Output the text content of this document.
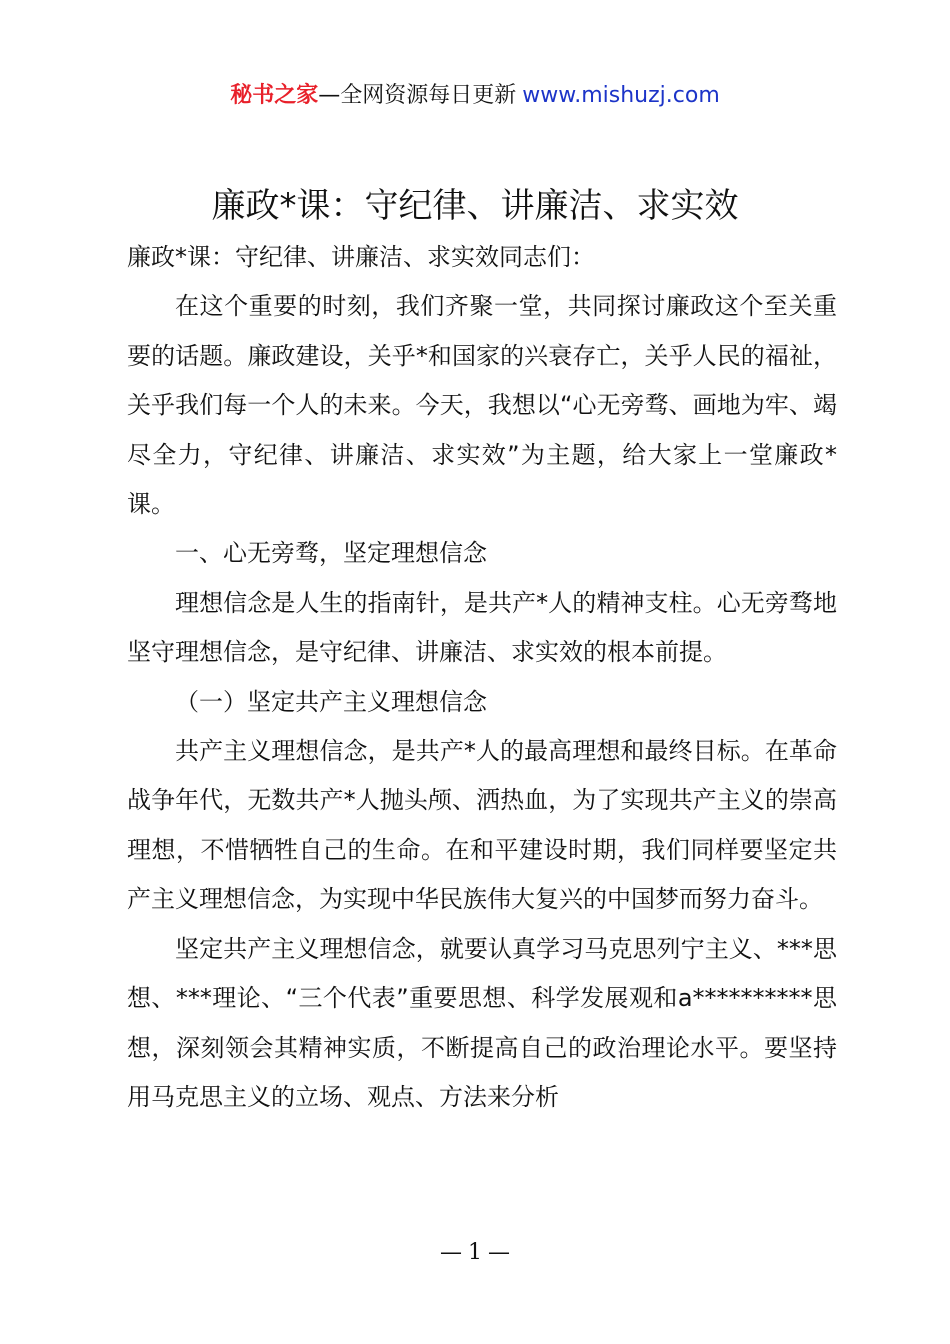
秘书之家—全网资源每日更新 www.mishuzj.com
廉政*课：守纪律、讲廉洁、求实效

廉政*课：守纪律、讲廉洁、求实效同志们：

在这个重要的时刻，我们齐聚一堂，共同探讨廉政这个至关重要的话题。廉政建设，关乎*和国家的兴衰存亡，关乎人民的福祉，关乎我们每一个人的未来。今天，我想以“心无旁骛、画地为牢、竭尽全力，守纪律、讲廉洁、求实效”为主题，给大家上一堂廉政*课。

一、心无旁骛，坚定理想信念

理想信念是人生的指南针，是共产*人的精神支柱。心无旁骛地坚守理想信念，是守纪律、讲廉洁、求实效的根本前提。

（一）坚定共产主义理想信念

共产主义理想信念，是共产*人的最高理想和最终目标。在革命战争年代，无数共产*人抛头颅、洒热血，为了实现共产主义的崇高理想，不惜牺牲自己的生命。在和平建设时期，我们同样要坚定共产主义理想信念，为实现中华民族伟大复兴的中国梦而努力奋斗。

坚定共产主义理想信念，就要认真学习马克思列宁主义、***思想、***理论、“三个代表”重要思想、科学发展观和a**********思想，深刻领会其精神实质，不断提高自己的政治理论水平。要坚持用马克思主义的立场、观点、方法来分析

— 1 —
